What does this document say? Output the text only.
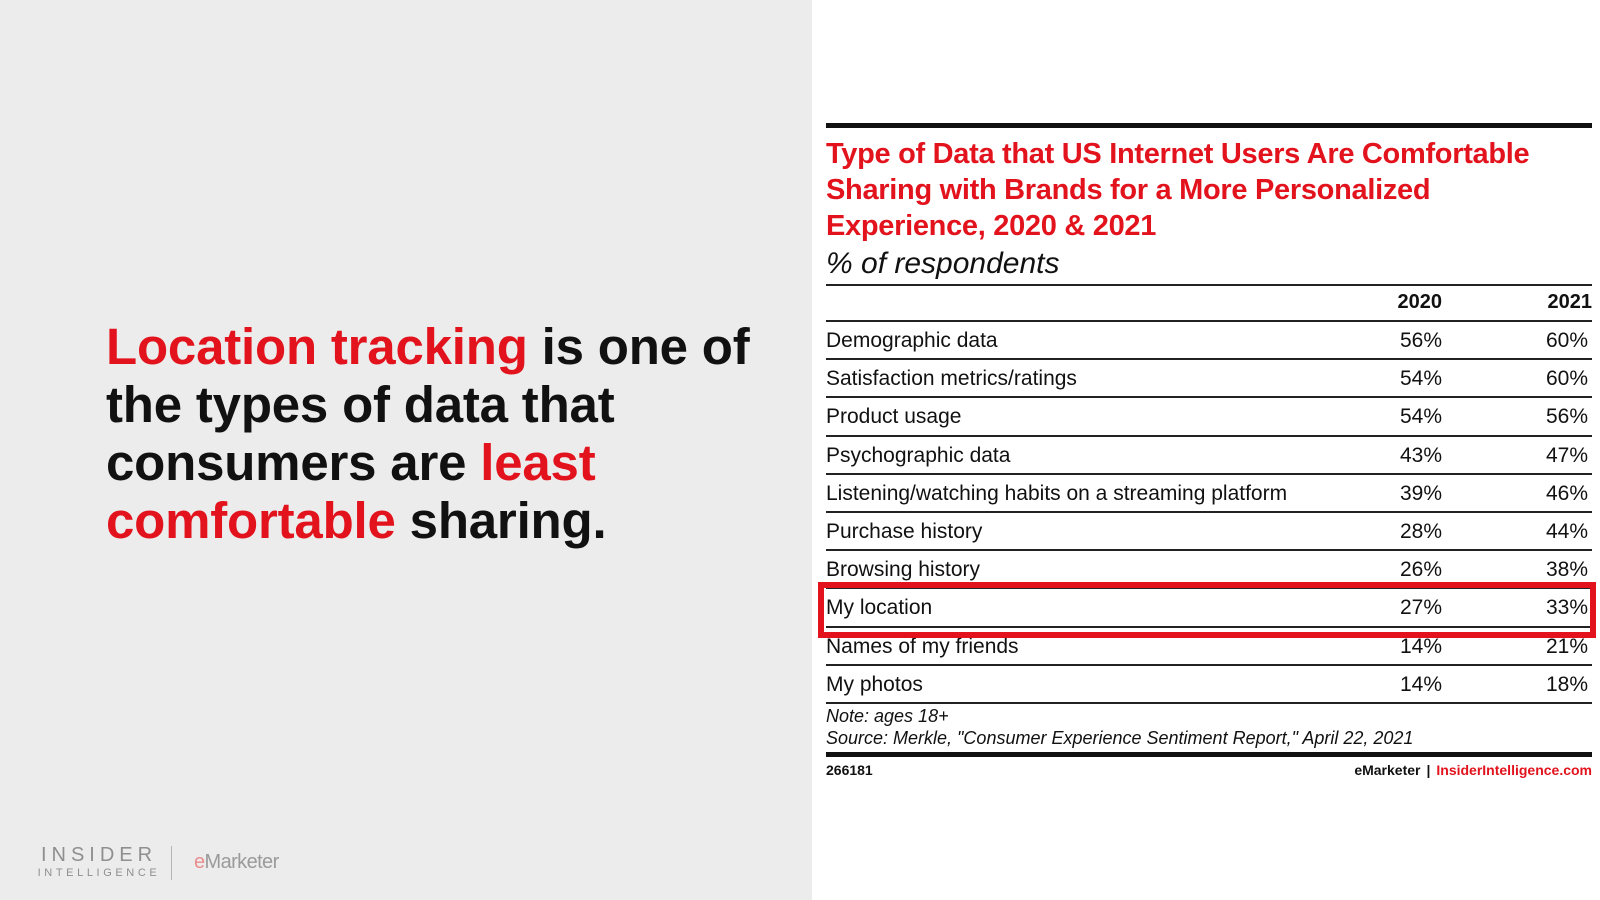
Location tracking is one of the types of data that consumers are least comfortable sharing.
INSIDER
INTELLIGENCE eMarketer
Type of Data that US Internet Users Are Comfortable Sharing with Brands for a More Personalized Experience, 2020 & 2021
% of respondents
2020	2021
Demographic data	56%	60%
Satisfaction metrics/ratings	54%	60%
Product usage	54%	56%
Psychographic data	43%	47%
Listening/watching habits on a streaming platform	39%	46%
Purchase history	28%	44%
Browsing history	26%	38%
My location	27%	33%
Names of my friends	14%	21%
My photos	14%	18%
Note: ages 18+
Source: Merkle, "Consumer Experience Sentiment Report," April 22, 2021
266181	eMarketer | InsiderIntelligence.com
